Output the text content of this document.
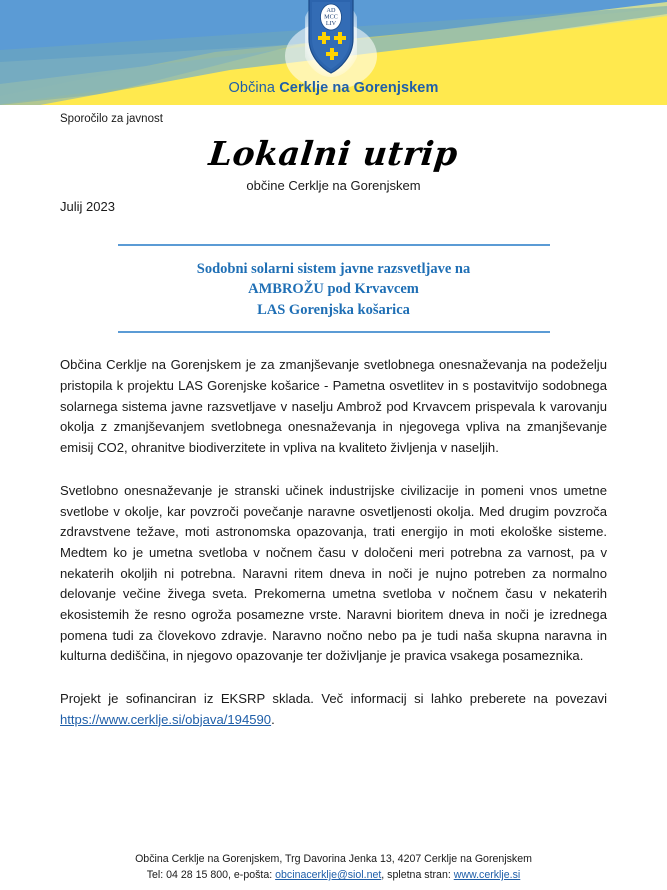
AD
MCC
LIV
Občina Cerklje na Gorenjskem
Sporočilo za javnost
Lokalni utrip
občine Cerklje na Gorenjskem
Julij 2023
Sodobni solarni sistem javne razsvetljave na
AMBROŽU pod Krvavcem
LAS Gorenjska košarica

Občina Cerklje na Gorenjskem je za zmanjševanje svetlobnega onesnaževanja na podeželju pristopila k projektu LAS Gorenjske košarice - Pametna osvetlitev in s postavitvijo sodobnega solarnega sistema javne razsvetljave v naselju Ambrož pod Krvavcem prispevala k varovanju okolja z zmanjševanjem svetlobnega onesnaževanja in njegovega vpliva na zmanjševanje emisij CO2, ohranitve biodiverzitete in vpliva na kvaliteto življenja v naseljih.

Svetlobno onesnaževanje je stranski učinek industrijske civilizacije in pomeni vnos umetne svetlobe v okolje, kar povzroči povečanje naravne osvetljenosti okolja. Med drugim povzroča zdravstvene težave, moti astronomska opazovanja, trati energijo in moti ekološke sisteme. Medtem ko je umetna svetloba v nočnem času v določeni meri potrebna za varnost, pa v nekaterih okoljih ni potrebna. Naravni ritem dneva in noči je nujno potreben za normalno delovanje večine živega sveta. Prekomerna umetna svetloba v nočnem času v nekaterih ekosistemih že resno ogroža posamezne vrste. Naravni bioritem dneva in noči je izrednega pomena tudi za človekovo zdravje. Naravno nočno nebo pa je tudi naša skupna naravna in kulturna dediščina, in njegovo opazovanje ter doživljanje je pravica vsakega posameznika.

Projekt je sofinanciran iz EKSRP sklada. Več informacij si lahko preberete na povezavi https://www.cerklje.si/objava/194590.

Občina Cerklje na Gorenjskem, Trg Davorina Jenka 13, 4207 Cerklje na Gorenjskem
Tel: 04 28 15 800, e-pošta: obcinacerklje@siol.net, spletna stran: www.cerklje.si
